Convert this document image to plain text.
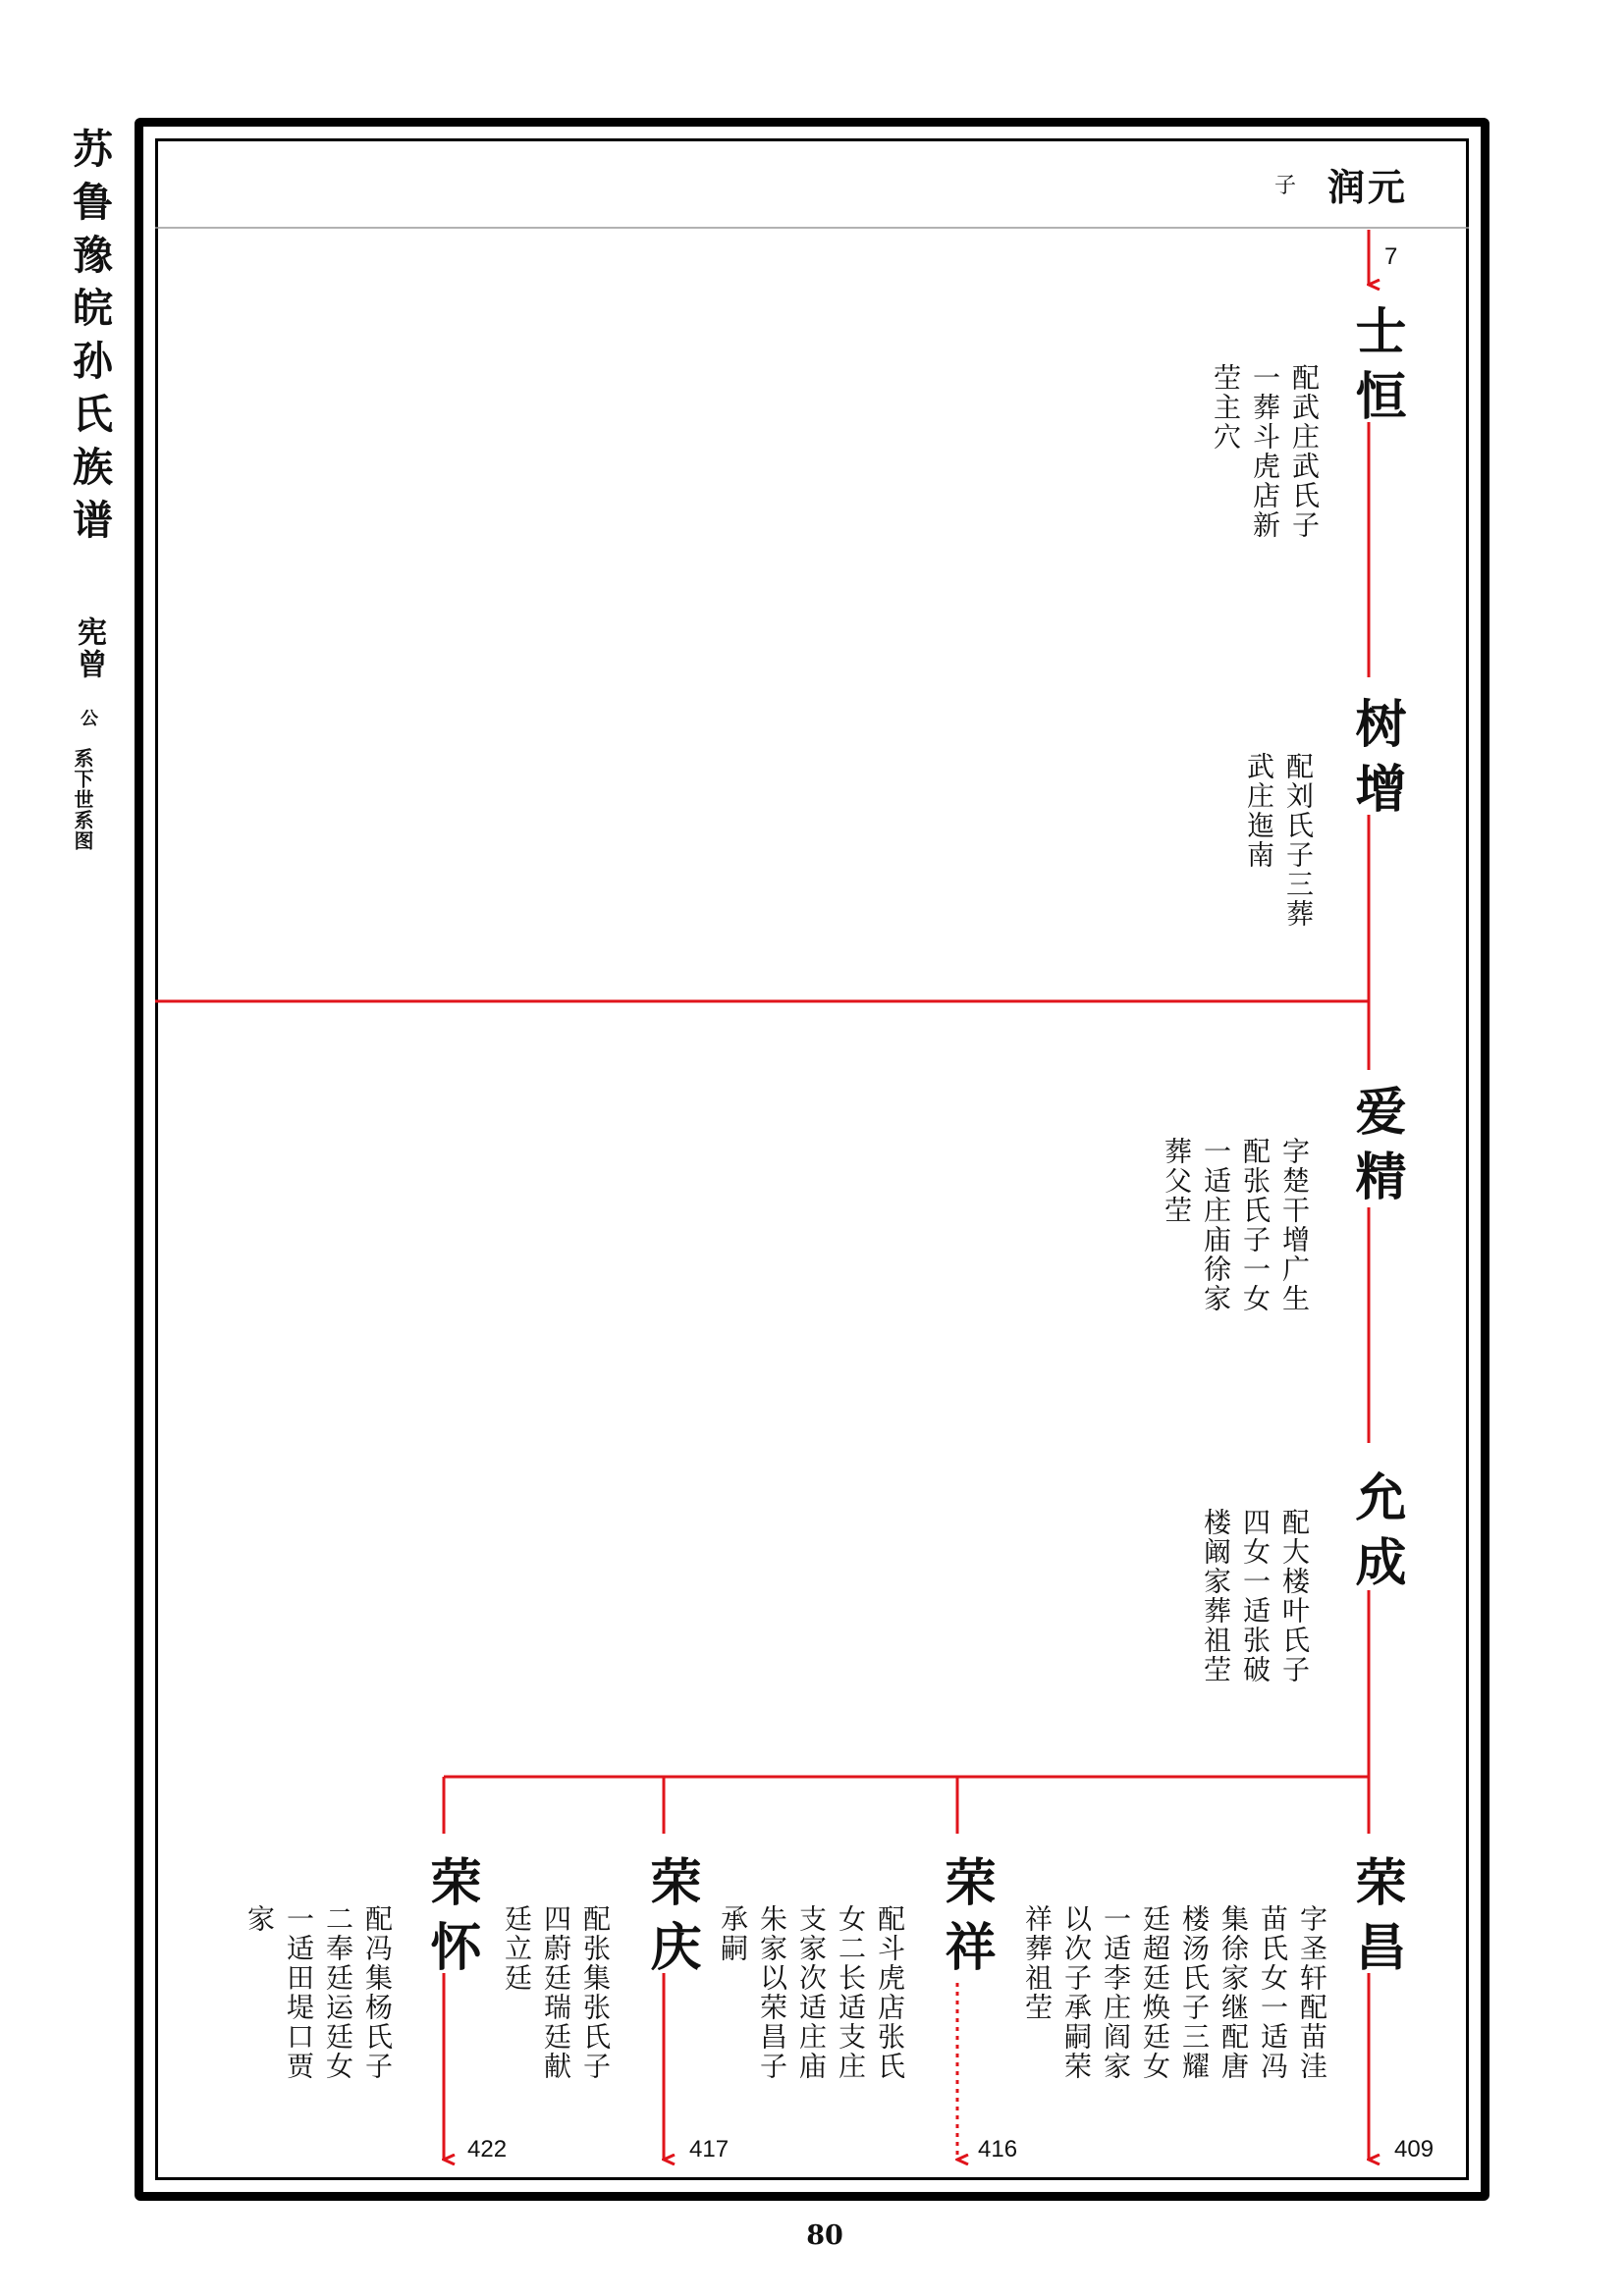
苏鲁豫皖孙氏族谱

宪曾

公

系下世系图

子 润元

7

士恒

配武庄武氏子
一葬斗虎店新
茔主穴

树增

配刘氏子三葬
武庄迤南

爱精

字楚干增广生
配张氏子一女
一适庄庙徐家
葬父茔

允成

配大楼叶氏子
四女一适张破
楼阚家葬祖茔

荣昌

字圣轩配苗洼
苗氏女一适冯
集徐家继配唐
楼汤氏子三耀
廷超廷焕廷女
一适李庄阎家
以次子承嗣荣
祥葬祖茔

409

荣祥

配斗虎店张氏
女二长适支庄
支家次适庄庙
朱家以荣昌子
承嗣

416

荣庆

配张集张氏子
四蔚廷瑞廷献
廷立廷

417

荣怀

配冯集杨氏子
二奉廷运廷女
一适田堤口贾
家

422

80
